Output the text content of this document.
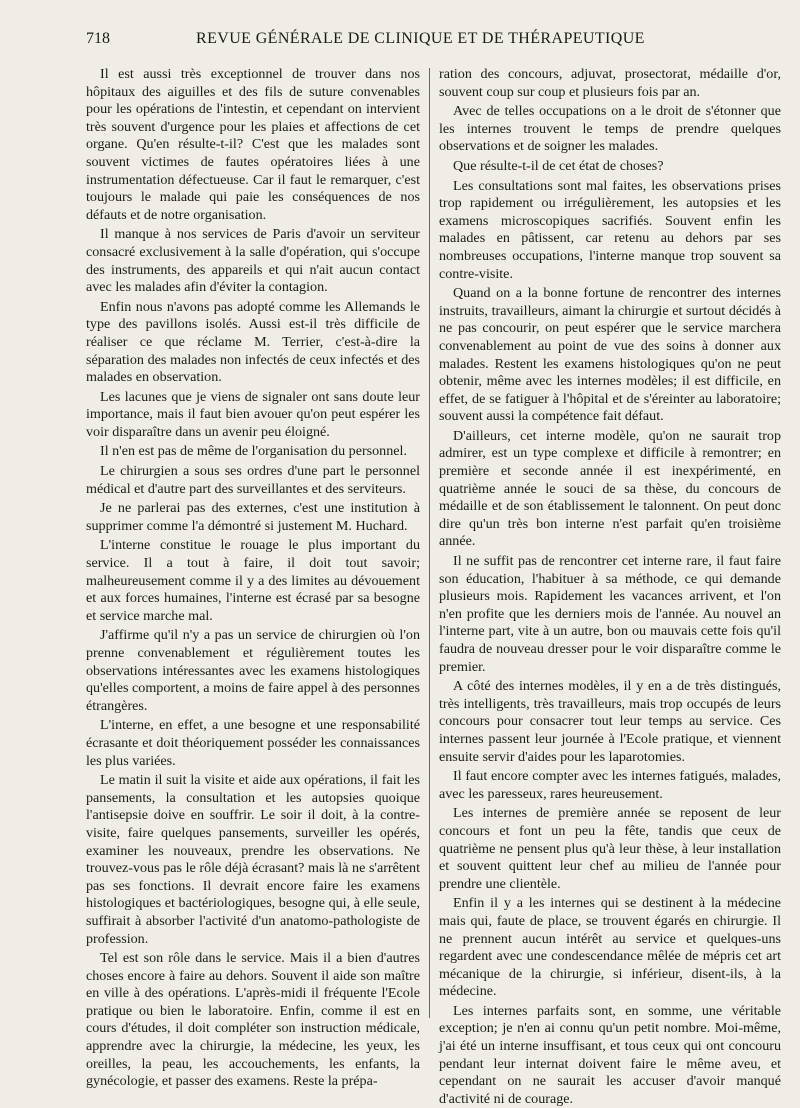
718	REVUE GÉNÉRALE DE CLINIQUE ET DE THÉRAPEUTIQUE

Il est aussi très exceptionnel de trouver dans nos hôpitaux des aiguilles et des fils de suture convenables pour les opérations de l'intestin, et cependant on intervient très souvent d'urgence pour les plaies et affections de cet organe. Qu'en résulte-t-il? C'est que les malades sont souvent victimes de fautes opératoires liées à une instrumentation défectueuse. Car il faut le remarquer, c'est toujours le malade qui paie les conséquences de nos défauts et de notre organisation.

Il manque à nos services de Paris d'avoir un serviteur consacré exclusivement à la salle d'opération, qui s'occupe des instruments, des appareils et qui n'ait aucun contact avec les malades afin d'éviter la contagion.

Enfin nous n'avons pas adopté comme les Allemands le type des pavillons isolés. Aussi est-il très difficile de réaliser ce que réclame M. Terrier, c'est-à-dire la séparation des malades non infectés de ceux infectés et des malades en observation.

Les lacunes que je viens de signaler ont sans doute leur importance, mais il faut bien avouer qu'on peut espérer les voir disparaître dans un avenir peu éloigné.

Il n'en est pas de même de l'organisation du personnel.

Le chirurgien a sous ses ordres d'une part le personnel médical et d'autre part des surveillantes et des serviteurs.

Je ne parlerai pas des externes, c'est une institution à supprimer comme l'a démontré si justement M. Huchard.

L'interne constitue le rouage le plus important du service. Il a tout à faire, il doit tout savoir; malheureusement comme il y a des limites au dévouement et aux forces humaines, l'interne est écrasé par sa besogne et service marche mal.

J'affirme qu'il n'y a pas un service de chirurgien où l'on prenne convenablement et régulièrement toutes les observations intéressantes avec les examens histologiques qu'elles comportent, a moins de faire appel à des personnes étrangères.

L'interne, en effet, a une besogne et une responsabilité écrasante et doit théoriquement posséder les connaissances les plus variées.

Le matin il suit la visite et aide aux opérations, il fait les pansements, la consultation et les autopsies quoique l'antisepsie doive en souffrir. Le soir il doit, à la contre-visite, faire quelques pansements, surveiller les opérés, examiner les nouveaux, prendre les observations. Ne trouvez-vous pas le rôle déjà écrasant? mais là ne s'arrêtent pas ses fonctions. Il devrait encore faire les examens histologiques et bactériologiques, besogne qui, à elle seule, suffirait à absorber l'activité d'un anatomo-pathologiste de profession.

Tel est son rôle dans le service. Mais il a bien d'autres choses encore à faire au dehors. Souvent il aide son maître en ville à des opérations. L'après-midi il fréquente l'Ecole pratique ou bien le laboratoire. Enfin, comme il est en cours d'études, il doit compléter son instruction médicale, apprendre avec la chirurgie, la médecine, les yeux, les oreilles, la peau, les accouchements, les enfants, la gynécologie, et passer des examens. Reste la prépa-

ration des concours, adjuvat, prosectorat, médaille d'or, souvent coup sur coup et plusieurs fois par an.

Avec de telles occupations on a le droit de s'étonner que les internes trouvent le temps de prendre quelques observations et de soigner les malades.

Que résulte-t-il de cet état de choses?

Les consultations sont mal faites, les observations prises trop rapidement ou irrégulièrement, les autopsies et les examens microscopiques sacrifiés. Souvent enfin les malades en pâtissent, car retenu au dehors par ses nombreuses occupations, l'interne manque trop souvent sa contre-visite.

Quand on a la bonne fortune de rencontrer des internes instruits, travailleurs, aimant la chirurgie et surtout décidés à ne pas concourir, on peut espérer que le service marchera convenablement au point de vue des soins à donner aux malades. Restent les examens histologiques qu'on ne peut obtenir, même avec les internes modèles; il est difficile, en effet, de se fatiguer à l'hôpital et de s'éreinter au laboratoire; souvent aussi la compétence fait défaut.

D'ailleurs, cet interne modèle, qu'on ne saurait trop admirer, est un type complexe et difficile à remontrer; en première et seconde année il est inexpérimenté, en quatrième année le souci de sa thèse, du concours de médaille et de son établissement le talonnent. On peut donc dire qu'un très bon interne n'est parfait qu'en troisième année.

Il ne suffit pas de rencontrer cet interne rare, il faut faire son éducation, l'habituer à sa méthode, ce qui demande plusieurs mois. Rapidement les vacances arrivent, et l'on n'en profite que les derniers mois de l'année. Au nouvel an l'interne part, vite à un autre, bon ou mauvais cette fois qu'il faudra de nouveau dresser pour le voir disparaître comme le premier.

A côté des internes modèles, il y en a de très distingués, très intelligents, très travailleurs, mais trop occupés de leurs concours pour consacrer tout leur temps au service. Ces internes passent leur journée à l'Ecole pratique, et viennent ensuite servir d'aides pour les laparotomies.

Il faut encore compter avec les internes fatigués, malades, avec les paresseux, rares heureusement.

Les internes de première année se reposent de leur concours et font un peu la fête, tandis que ceux de quatrième ne pensent plus qu'à leur thèse, à leur installation et souvent quittent leur chef au milieu de l'année pour prendre une clientèle.

Enfin il y a les internes qui se destinent à la médecine mais qui, faute de place, se trouvent égarés en chirurgie. Il ne prennent aucun intérêt au service et quelques-uns regardent avec une condescendance mêlée de mépris cet art mécanique de la chirurgie, si inférieur, disent-ils, à la médecine.

Les internes parfaits sont, en somme, une véritable exception; je n'en ai connu qu'un petit nombre. Moi-même, j'ai été un interne insuffisant, et tous ceux qui ont concouru pendant leur internat doivent faire le même aveu, et cependant on ne saurait les accuser d'avoir manqué d'activité ni de courage.
